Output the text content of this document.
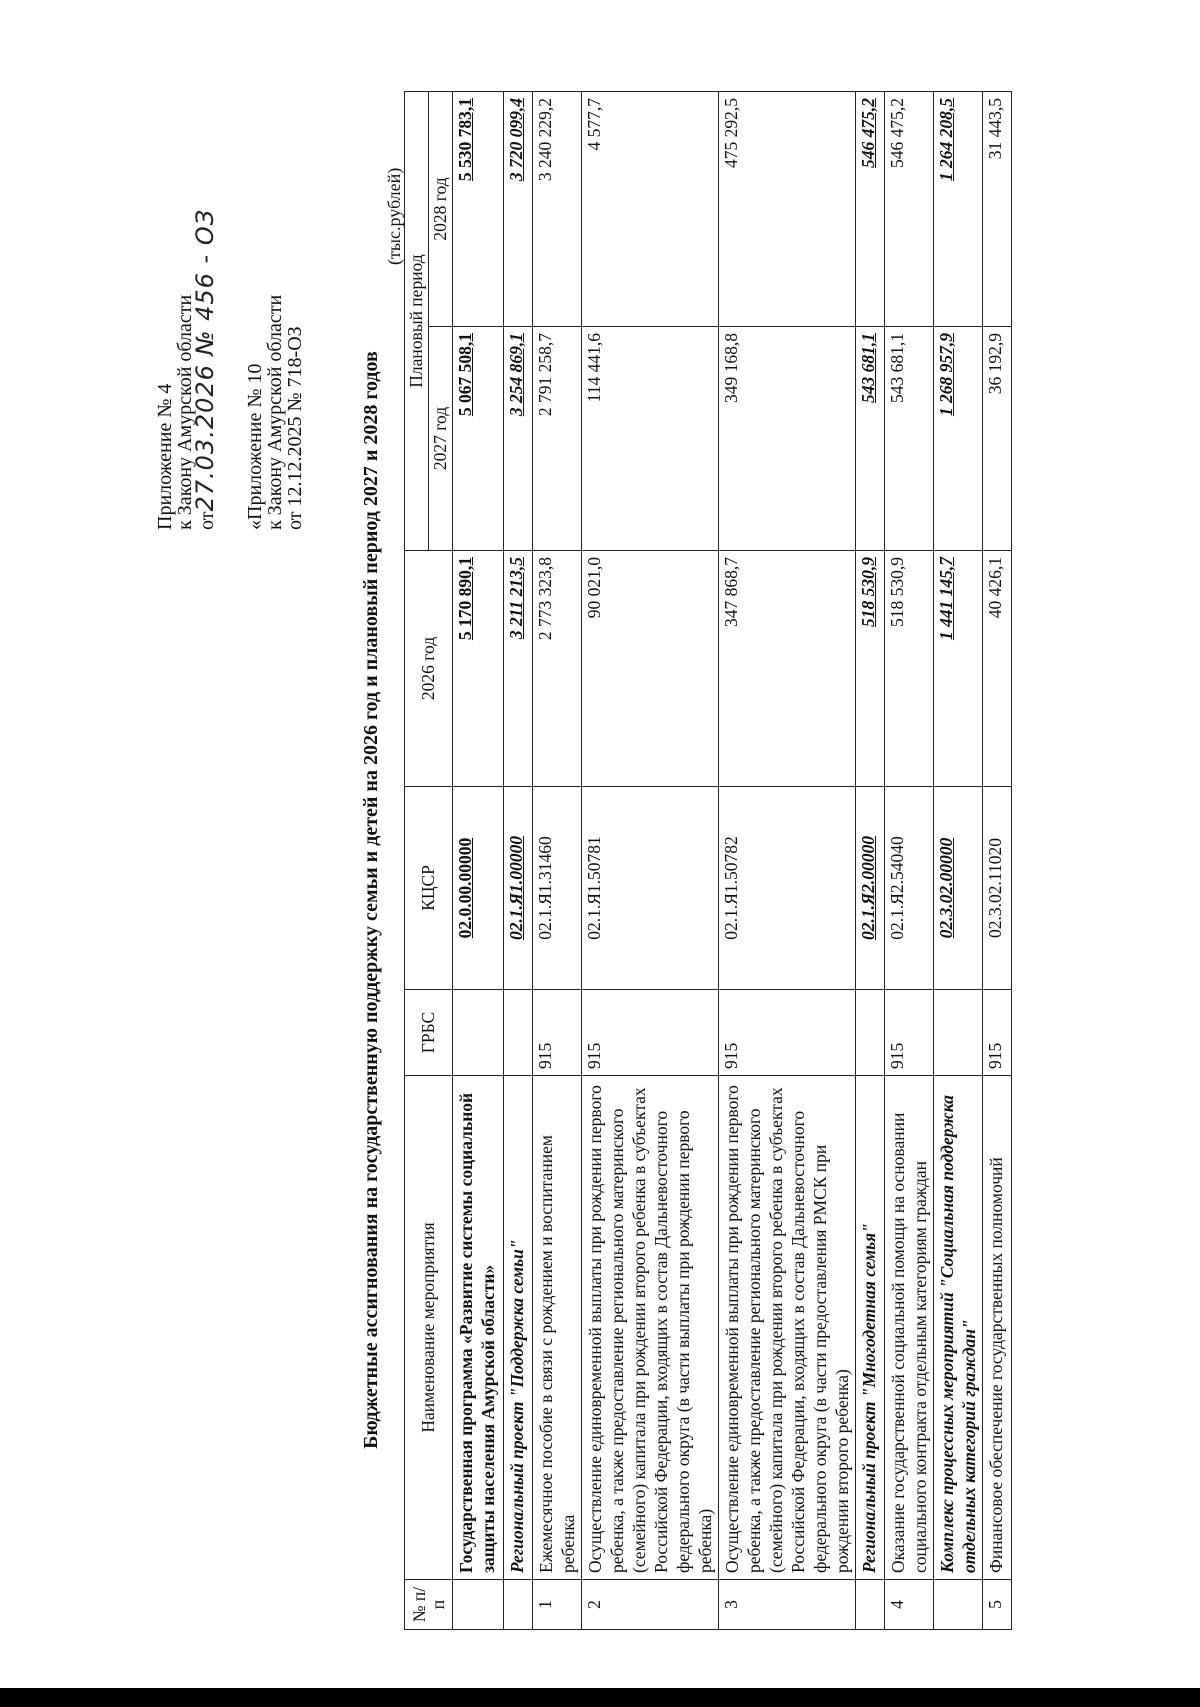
Приложение № 4
к Закону Амурской области от27.03.2026 № 456 - ОЗ «Приложение № 10
к Закону Амурской области
от 12.12.2025 № 718-ОЗ	Бюджетные ассигнования на государственную поддержку семьи и детей на 2026 год и плановый период 2027 и 2028 годов
(тыс.рублей)
№ п/п	Наименование мероприятия	ГРБС	КЦСР	2026 год	Плановый период	
					2027 год	2028 год
	Государственная программа «Развитие системы социальной защиты населения Амурской области»		02.0.00.00000	5 170 890,1	5 067 508,1	5 530 783,1
	Региональный проект "Поддержка семьи"		02.1.Я1.00000	3 211 213,5	3 254 869,1	3 720 099,4
1	Ежемесячное пособие в связи с рождением и воспитанием ребенка	915	02.1.Я1.31460	2 773 323,8	2 791 258,7	3 240 229,2
2	Осуществление единовременной выплаты при рождении первого ребенка, а также предоставление регионального материнского (семейного) капитала при рождении второго ребенка в субъектах Российской Федерации, входящих в состав Дальневосточного федерального округа (в части выплаты при рождении первого ребенка)	915	02.1.Я1.50781	90 021,0	114 441,6	4 577,7
3	Осуществление единовременной выплаты при рождении первого ребенка, а также предоставление регионального материнского (семейного) капитала при рождении второго ребенка в субъектах Российской Федерации, входящих в состав Дальневосточного федерального округа (в части предоставления РМСК при рождении второго ребенка)	915	02.1.Я1.50782	347 868,7	349 168,8	475 292,5
	Региональный проект "Многодетная семья"		02.1.Я2.00000	518 530,9	543 681,1	546 475,2
4	Оказание государственной социальной помощи на основании социального контракта отдельным категориям граждан	915	02.1.Я2.54040	518 530,9	543 681,1	546 475,2
	Комплекс процессных мероприятий "Социальная поддержка отдельных категорий граждан"		02.3.02.00000	1 441 145,7	1 268 957,9	1 264 208,5
5	Финансовое обеспечение государственных полномочий	915	02.3.02.11020	40 426,1	36 192,9	31 443,5
